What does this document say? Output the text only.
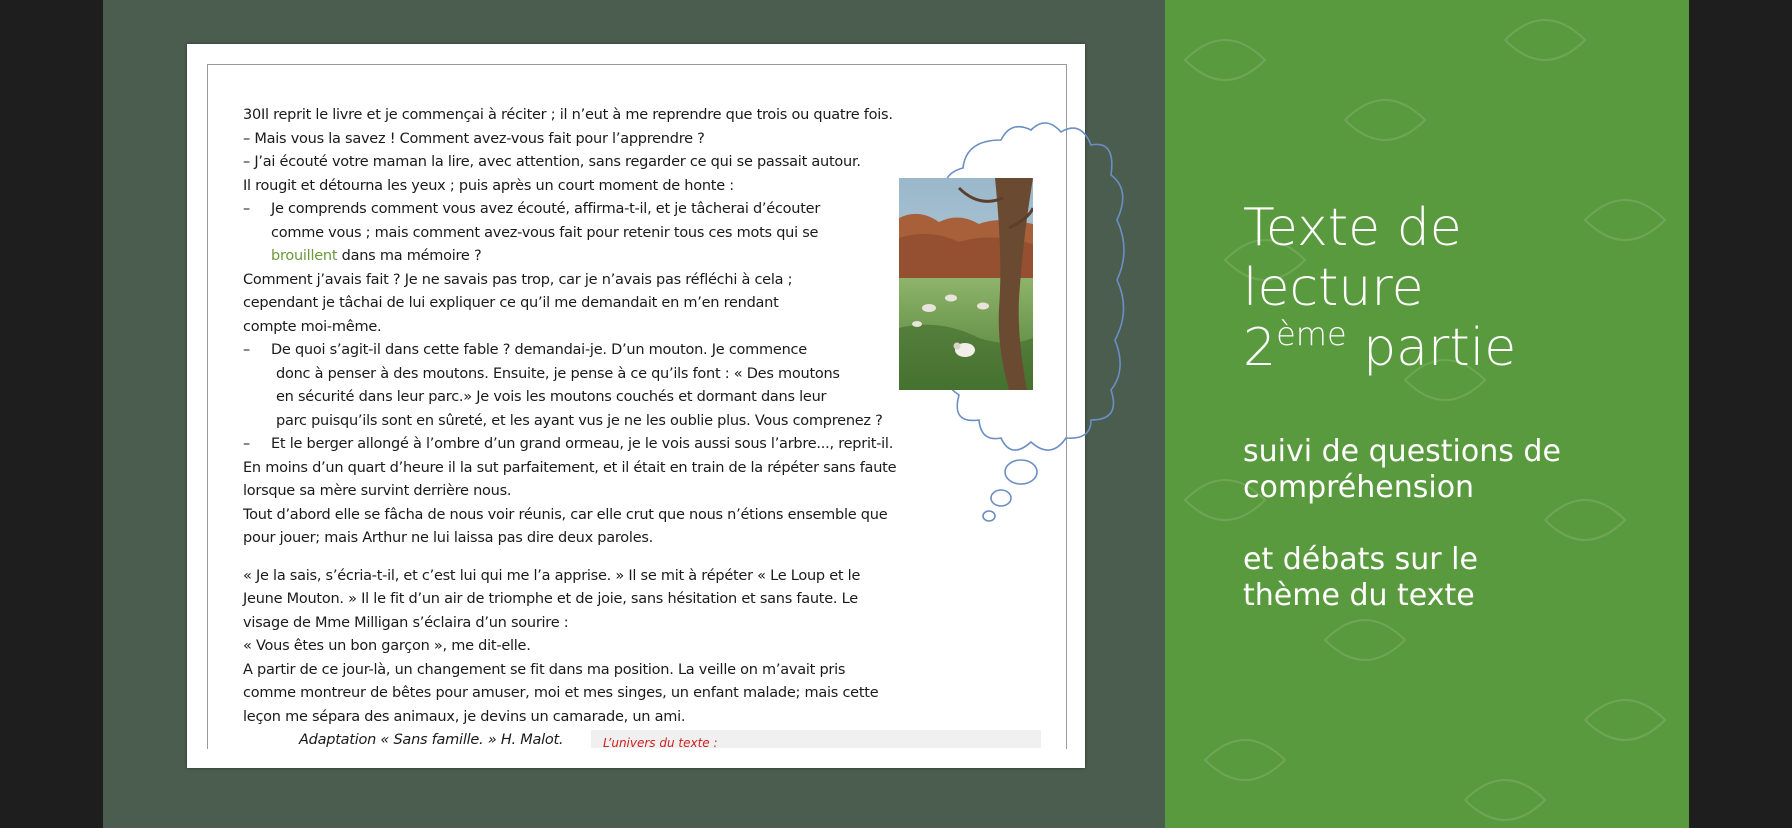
30Il reprit le livre et je commençai à réciter ; il n’eut à me reprendre que trois ou quatre fois.
– Mais vous la savez ! Comment avez-vous fait pour l’apprendre ?
– J’ai écouté votre maman la lire, avec attention, sans regarder ce qui se passait autour.
Il rougit et détourna les yeux ; puis après un court moment de honte :
– Je comprends comment vous avez écouté, affirma-t-il, et je tâcherai d’écouter
comme vous ; mais comment avez-vous fait pour retenir tous ces mots qui se
brouillent dans ma mémoire ?
Comment j’avais fait ? Je ne savais pas trop, car je n’avais pas réfléchi à cela ;
cependant je tâchai de lui expliquer ce qu’il me demandait en m’en rendant
compte moi-même.
– De quoi s’agit-il dans cette fable ? demandai-je. D’un mouton. Je commence
donc à penser à des moutons. Ensuite, je pense à ce qu’ils font : « Des moutons
en sécurité dans leur parc.» Je vois les moutons couchés et dormant dans leur
parc puisqu’ils sont en sûreté, et les ayant vus je ne les oublie plus. Vous comprenez ?
– Et le berger allongé à l’ombre d’un grand ormeau, je le vois aussi sous l’arbre..., reprit-il.
En moins d’un quart d’heure il la sut parfaitement, et il était en train de la répéter sans faute
lorsque sa mère survint derrière nous.
Tout d’abord elle se fâcha de nous voir réunis, car elle crut que nous n’étions ensemble que
pour jouer; mais Arthur ne lui laissa pas dire deux paroles.
« Je la sais, s’écria-t-il, et c’est lui qui me l’a apprise. » Il se mit à répéter « Le Loup et le
Jeune Mouton. » Il le fit d’un air de triomphe et de joie, sans hésitation et sans faute. Le
visage de Mme Milligan s’éclaira d’un sourire :
« Vous êtes un bon garçon », me dit-elle.
A partir de ce jour-là, un changement se fit dans ma position. La veille on m’avait pris
comme montreur de bêtes pour amuser, moi et mes singes, un enfant malade; mais cette
leçon me sépara des animaux, je devins un camarade, un ami.
Adaptation « Sans famille. » H. Malot.	L’univers du texte :
Texte de
lecture
2ème partie
suivi de questions de
compréhension
et débats sur le
thème du texte
